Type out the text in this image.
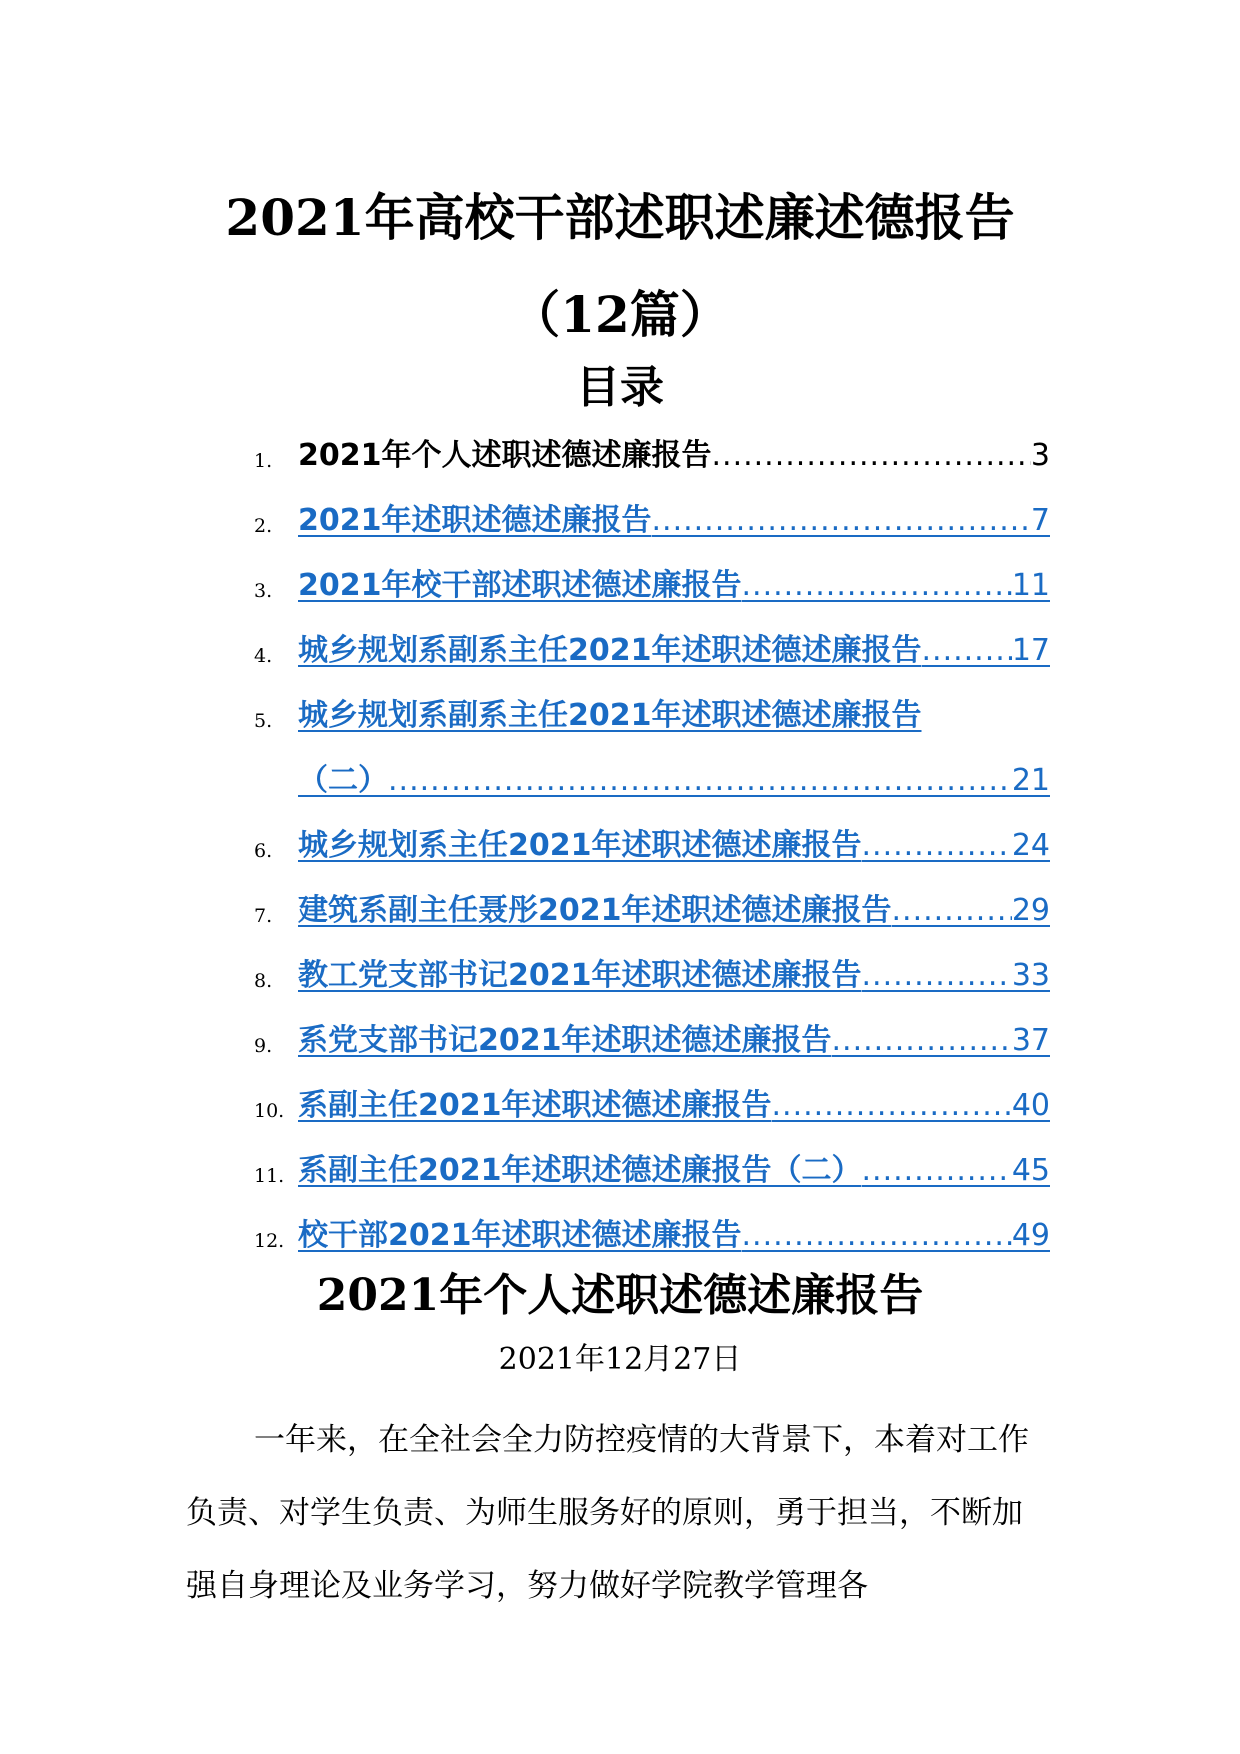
2021年高校干部述职述廉述德报告
（12篇）
目录
1. 2021年个人述职述德述廉报告 .....	3
2. 2021年述职述德述廉报告 .....	7
3. 2021年校干部述职述德述廉报告 .....	11
4. 城乡规划系副系主任2021年述职述德述廉报告 .....	17
5. 城乡规划系副系主任2021年述职述德述廉报告
（二） .....	21
6. 城乡规划系主任2021年述职述德述廉报告 .....	24
7. 建筑系副主任聂彤2021年述职述德述廉报告 .....	29
8. 教工党支部书记2021年述职述德述廉报告 .....	33
9. 系党支部书记2021年述职述德述廉报告 .....	37
10. 系副主任2021年述职述德述廉报告 .....	40
11. 系副主任2021年述职述德述廉报告（二） .....	45
12. 校干部2021年述职述德述廉报告 .....	49
2021年个人述职述德述廉报告
2021年12月27日

一年来，在全社会全力防控疫情的大背景下，本着对工作负责、对学生负责、为师生服务好的原则，勇于担当，不断加强自身理论及业务学习，努力做好学院教学管理各
